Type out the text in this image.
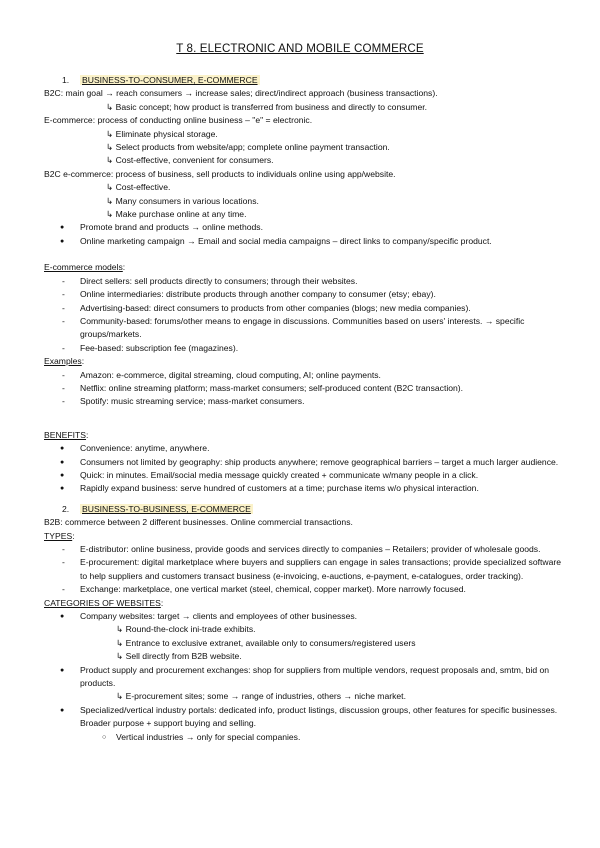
T 8. ELECTRONIC AND MOBILE COMMERCE
1. BUSINESS-TO-CONSUMER, E-COMMERCE
B2C: main goal → reach consumers → increase sales; direct/indirect approach (business transactions).
↳ Basic concept; how product is transferred from business and directly to consumer.
E-commerce: process of conducting online business – "e" = electronic.
↳ Eliminate physical storage.
↳ Select products from website/app; complete online payment transaction.
↳ Cost-effective, convenient for consumers.
B2C e-commerce: process of business, sell products to individuals online using app/website.
↳ Cost-effective.
↳ Many consumers in various locations.
↳ Make purchase online at any time.
● Promote brand and products → online methods.
● Online marketing campaign → Email and social media campaigns – direct links to company/specific product.
E-commerce models:
- Direct sellers: sell products directly to consumers; through their websites.
- Online intermediaries: distribute products through another company to consumer (etsy; ebay).
- Advertising-based: direct consumers to products from other companies (blogs; new media companies).
- Community-based: forums/other means to engage in discussions. Communities based on users' interests. → specific groups/markets.
- Fee-based: subscription fee (magazines).
Examples:
- Amazon: e-commerce, digital streaming, cloud computing, AI; online payments.
- Netflix: online streaming platform; mass-market consumers; self-produced content (B2C transaction).
- Spotify: music streaming service; mass-market consumers.
BENEFITS:
● Convenience: anytime, anywhere.
● Consumers not limited by geography: ship products anywhere; remove geographical barriers – target a much larger audience.
● Quick: in minutes. Email/social media message quickly created + communicate w/many people in a click.
● Rapidly expand business: serve hundred of customers at a time; purchase items w/o physical interaction.
2. BUSINESS-TO-BUSINESS, E-COMMERCE
B2B: commerce between 2 different businesses. Online commercial transactions.
TYPES:
- E-distributor: online business, provide goods and services directly to companies – Retailers; provider of wholesale goods.
- E-procurement: digital marketplace where buyers and suppliers can engage in sales transactions; provide specialized software to help suppliers and customers transact business (e-invoicing, e-auctions, e-payment, e-catalogues, order tracking).
- Exchange: marketplace, one vertical market (steel, chemical, copper market). More narrowly focused.
CATEGORIES OF WEBSITES:
● Company websites: target → clients and employees of other businesses.
↳ Round-the-clock ini-trade exhibits.
↳ Entrance to exclusive extranet, available only to consumers/registered users
↳ Sell directly from B2B website.
● Product supply and procurement exchanges: shop for suppliers from multiple vendors, request proposals and, smtm, bid on products.
↳ E-procurement sites; some → range of industries, others → niche market.
● Specialized/vertical industry portals: dedicated info, product listings, discussion groups, other features for specific businesses. Broader purpose + support buying and selling.
○ Vertical industries → only for special companies.
